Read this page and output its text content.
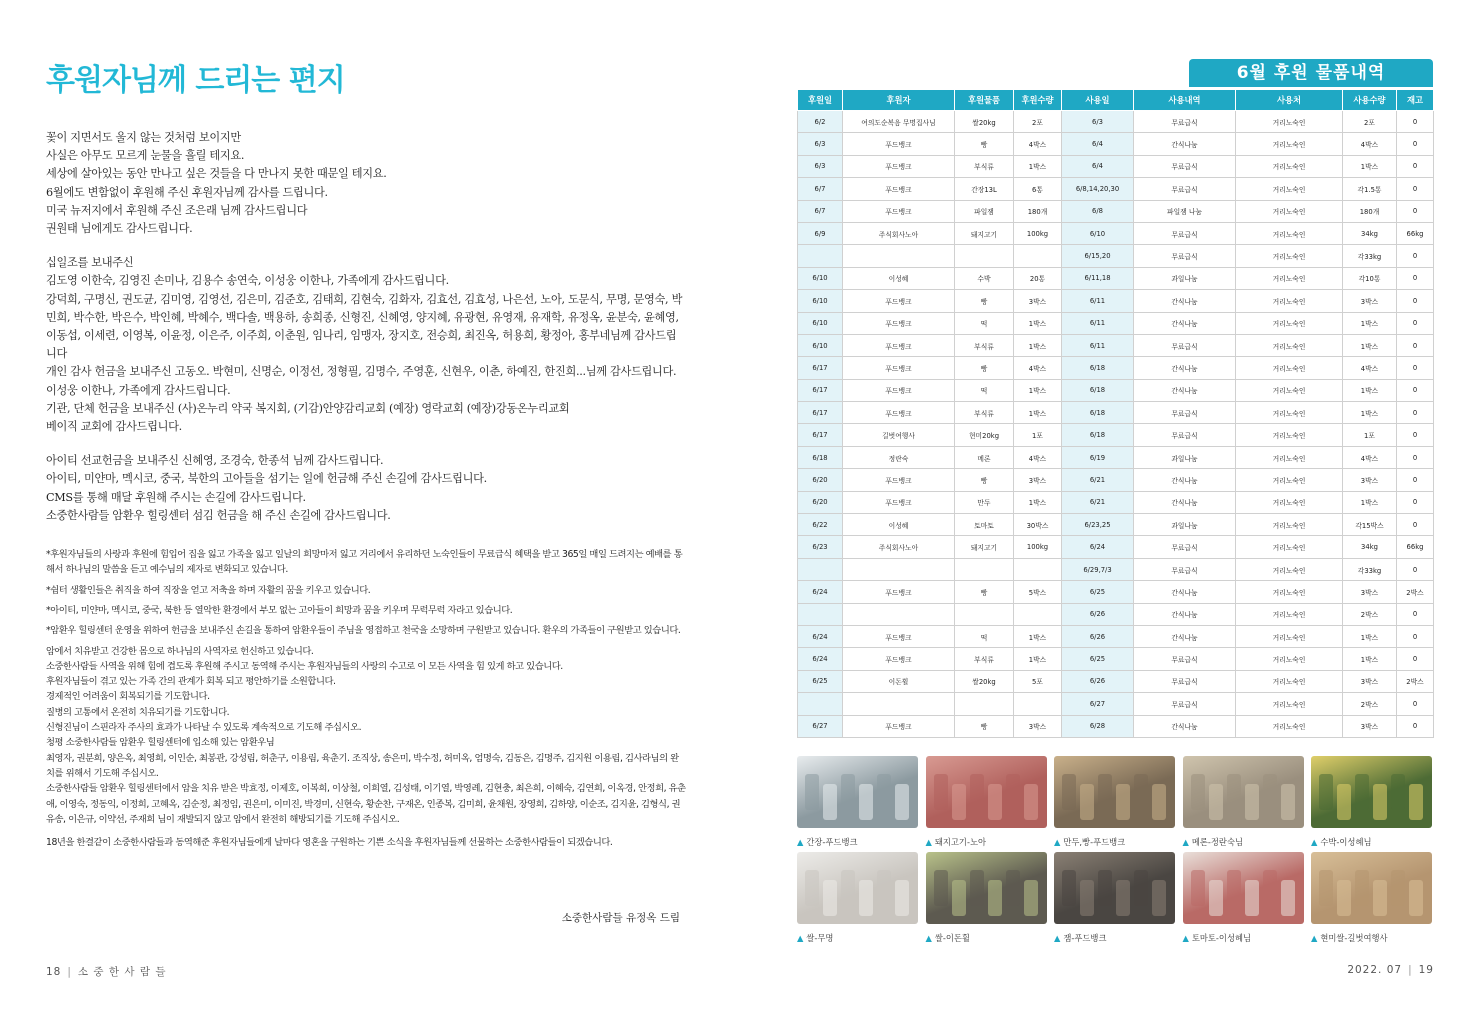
후원자님께 드리는 편지
꽃이 지면서도 울지 않는 것처럼 보이지만
사실은 아무도 모르게 눈물을 흘릴 테지요.
세상에 살아있는 동안 만나고 싶은 것들을 다 만나지 못한 때문일 테지요.
6월에도 변함없이 후원해 주신 후원자님께 감사를 드립니다.
미국 뉴저지에서 후원해 주신 조은래 님께 감사드립니다
권원태 님에게도 감사드립니다.
십일조를 보내주신
김도영 이한숙, 김영진 손미나, 김용수 송연숙, 이성웅 이한나, 가족에게 감사드립니다.
강덕희, 구명신, 권도균, 김미영, 김영선, 김은미, 김준호, 김태희, 김현숙, 김화자, 김효선, 김효성, 나은선, 노아, 도문식, 무명, 문영숙, 박민희, 박수한, 박은수, 박인혜, 박혜수, 백다솔, 백용하, 송희종, 신형진, 신혜영, 양지혜, 유광현, 유영재, 유재학, 유정옥, 윤분숙, 윤혜영, 이동섭, 이세련, 이영복, 이윤정, 이은주, 이주희, 이춘원, 임나리, 임맹자, 장지호, 전승희, 최진옥, 허용희, 황정아, 홍부네님께 감사드립니다
개인 감사 헌금을 보내주신 고동오. 박현미, 신명순, 이정선, 정형필, 김명수, 주영훈, 신현우, 이춘, 하예진, 한진희...님께 감사드립니다.
이성웅 이한나, 가족에게 감사드립니다.
기관, 단체 헌금을 보내주신 (사)온누리 약국 복지회, (기감)안양감리교회 (예장) 영락교회 (예장)강동온누리교회
베이직 교회에 감사드립니다.
아이티 선교헌금을 보내주신 신혜영, 조경숙, 한종석 님께 감사드립니다.
아이티, 미얀마, 멕시코, 중국, 북한의 고아들을 섬기는 일에 헌금해 주신 손길에 감사드립니다.
CMS를 통해 매달 후원해 주시는 손길에 감사드립니다.
소중한사람들 암환우 힐링센터 섬김 헌금을 해 주신 손길에 감사드립니다.

*후원자님들의 사랑과 후원에 힘입어 집을 잃고 가족을 잃고 일날의 희망마저 잃고 거리에서 유리하던 노숙인들이 무료급식 혜택을 받고 365일 매일 드려지는 예배를 통해서 하나님의 말씀을 듣고 예수님의 제자로 변화되고 있습니다.

*쉼터 생활인들은 취직을 하여 직장을 얻고 저축을 하며 자활의 꿈을 키우고 있습니다.

*아이티, 미얀마, 멕시코, 중국, 북한 등 열악한 환경에서 부모 없는 고아들이 희망과 꿈을 키우며 무럭무럭 자라고 있습니다.

*암환우 힐링센터 운영을 위하여 헌금을 보내주신 손길을 통하여 암환우들이 주님을 영접하고 천국을 소망하며 구원받고 있습니다. 환우의 가족들이 구원받고 있습니다.

암에서 치유받고 건강한 몸으로 하나님의 사역자로 헌신하고 있습니다.
소중한사람들 사역을 위해 힘에 겹도록 후원해 주시고 동역해 주시는 후원자님들의 사랑의 수고로 이 모든 사역을 힘 있게 하고 있습니다.
후원자님들이 겪고 있는 가족 간의 관계가 회복 되고 평안하기를 소원합니다.
경제적인 어려움이 회복되기를 기도합니다.
질병의 고통에서 온전히 치유되기를 기도합니다.
신형진님이 스핀라자 주사의 효과가 나타날 수 있도록 계속적으로 기도해 주십시오.
청평 소중한사람들 암환우 힐링센터에 입소해 있는 암환우님
최영자, 권분희, 양은옥, 최영희, 이인순, 최봉관, 강성림, 허춘구, 이용림, 육춘기. 조직상, 송은미, 박수정, 허미옥, 엄명숙, 김동은, 김명주, 김지원 이용림, 김사라님의 완치를 위해서 기도해 주십시오.
소중한사람들 암환우 힐링센터에서 암을 치유 받은 박효정, 이제호, 이복희, 이상철, 이희열, 김성태, 이기열, 박영례, 김현충, 최은희, 이혜숙, 김연희, 이옥경, 안정희, 유춘애, 이영숙, 정동익, 이정희, 고혜옥, 김순정, 최정임, 권은미, 이미진, 박경미, 신현숙, 황순찬, 구재온, 인종복, 김미희, 윤채원, 장영희, 김하양, 이순조, 김지윤, 김형식, 권유송, 이은규, 이약선, 주재희 님이 재발되지 않고 암에서 완전히 해방되기를 기도해 주십시오.

18년을 한결같이 소중한사람들과 동역해준 후원자님들에게 날마다 영혼을 구원하는 기쁜 소식을 후원자님들께 선물하는 소중한사람들이 되겠습니다.

소중한사람들 유정옥 드림
18 | 소 중 한 사 람 들	2022. 07 | 19
6월 후원 물품내역
후원일	후원자	후원물품	후원수량	사용일	사용내역	사용처	사용수량	재고
6/2	여의도순복음 무명집사님	쌀20kg	2포	6/3	무료급식	거리노숙인	2포	0
6/3	푸드뱅크	빵	4박스	6/4	간식나눔	거리노숙인	4박스	0
6/3	푸드뱅크	부식류	1박스	6/4	무료급식	거리노숙인	1박스	0
6/7	푸드뱅크	간장13L	6통	6/8,14,20,30	무료급식	거리노숙인	각1.5통	0
6/7	푸드뱅크	파일잼	180개	6/8	파일잼 나눔	거리노숙인	180개	0
6/9	주식회사노아	돼지고기	100kg	6/10	무료급식	거리노숙인	34kg	66kg
				6/15,20	무료급식	거리노숙인	각33kg	0
6/10	이성혜	수박	20통	6/11,18	과일나눔	거리노숙인	각10통	0
6/10	푸드뱅크	빵	3박스	6/11	간식나눔	거리노숙인	3박스	0
6/10	푸드뱅크	떡	1박스	6/11	간식나눔	거리노숙인	1박스	0
6/10	푸드뱅크	부식류	1박스	6/11	무료급식	거리노숙인	1박스	0
6/17	푸드뱅크	빵	4박스	6/18	간식나눔	거리노숙인	4박스	0
6/17	푸드뱅크	떡	1박스	6/18	간식나눔	거리노숙인	1박스	0
6/17	푸드뱅크	부식류	1박스	6/18	무료급식	거리노숙인	1박스	0
6/17	길벗여행사	현미20kg	1포	6/18	무료급식	거리노숙인	1포	0
6/18	정란숙	메론	4박스	6/19	과일나눔	거리노숙인	4박스	0
6/20	푸드뱅크	빵	3박스	6/21	간식나눔	거리노숙인	3박스	0
6/20	푸드뱅크	만두	1박스	6/21	간식나눔	거리노숙인	1박스	0
6/22	이성혜	토마토	30박스	6/23,25	과일나눔	거리노숙인	각15박스	0
6/23	주식회사노아	돼지고기	100kg	6/24	무료급식	거리노숙인	34kg	66kg
				6/29,7/3	무료급식	거리노숙인	각33kg	0
6/24	푸드뱅크	빵	5박스	6/25	간식나눔	거리노숙인	3박스	2박스
				6/26	간식나눔	거리노숙인	2박스	0
6/24	푸드뱅크	떡	1박스	6/26	간식나눔	거리노숙인	1박스	0
6/24	푸드뱅크	부식류	1박스	6/25	무료급식	거리노숙인	1박스	0
6/25	이돈휠	쌀20kg	5포	6/26	무료급식	거리노숙인	3박스	2박스
				6/27	무료급식	거리노숙인	2박스	0
6/27	푸드뱅크	빵	3박스	6/28	간식나눔	거리노숙인	3박스	0
▲ 간장-푸드뱅크	▲ 돼지고기-노아	▲ 만두,빵-푸드뱅크	▲ 메론-정란숙님	▲ 수박-이성혜님
▲ 쌀-무명	▲ 쌀-이돈휠	▲ 잼-푸드뱅크	▲ 토마토-이성혜님	▲ 현미쌀-길벗여행사
